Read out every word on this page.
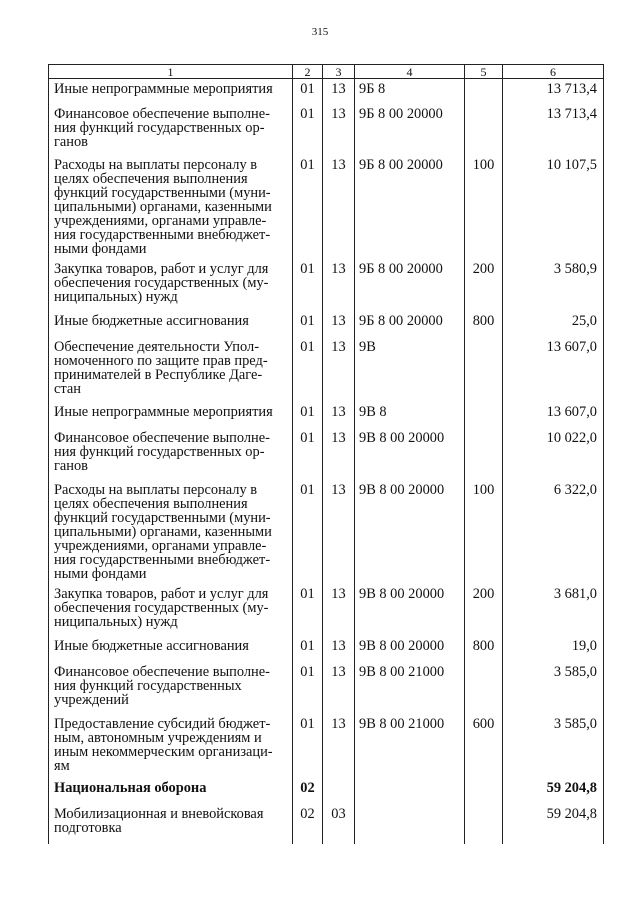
315
1	2	3	4	5	6
Иные непрограммные мероприятия	01	13	9Б 8		13 713,4
Финансовое обеспечение выполне-ния функций государственных ор-ганов	01	13	9Б 8 00 20000		13 713,4
Расходы на выплаты персоналу в целях обеспечения выполнения функций государственными (муни-ципальными) органами, казенными учреждениями, органами управле-ния государственными внебюджет-ными фондами	01	13	9Б 8 00 20000	100	10 107,5
Закупка товаров, работ и услуг для обеспечения государственных (му-ниципальных) нужд	01	13	9Б 8 00 20000	200	3 580,9
Иные бюджетные ассигнования	01	13	9Б 8 00 20000	800	25,0
Обеспечение деятельности Упол-номоченного по защите прав пред-принимателей в Республике Даге-стан	01	13	9В		13 607,0
Иные непрограммные мероприятия	01	13	9В 8		13 607,0
Финансовое обеспечение выполне-ния функций государственных ор-ганов	01	13	9В 8 00 20000		10 022,0
Расходы на выплаты персоналу в целях обеспечения выполнения функций государственными (муни-ципальными) органами, казенными учреждениями, органами управле-ния государственными внебюджет-ными фондами	01	13	9В 8 00 20000	100	6 322,0
Закупка товаров, работ и услуг для обеспечения государственных (му-ниципальных) нужд	01	13	9В 8 00 20000	200	3 681,0
Иные бюджетные ассигнования	01	13	9В 8 00 20000	800	19,0
Финансовое обеспечение выполне-ния функций государственных учреждений	01	13	9В 8 00 21000		3 585,0
Предоставление субсидий бюджет-ным, автономным учреждениям и иным некоммерческим организаци-ям	01	13	9В 8 00 21000	600	3 585,0
Национальная оборона	02				59 204,8
Мобилизационная и вневойсковая подготовка	02	03			59 204,8
